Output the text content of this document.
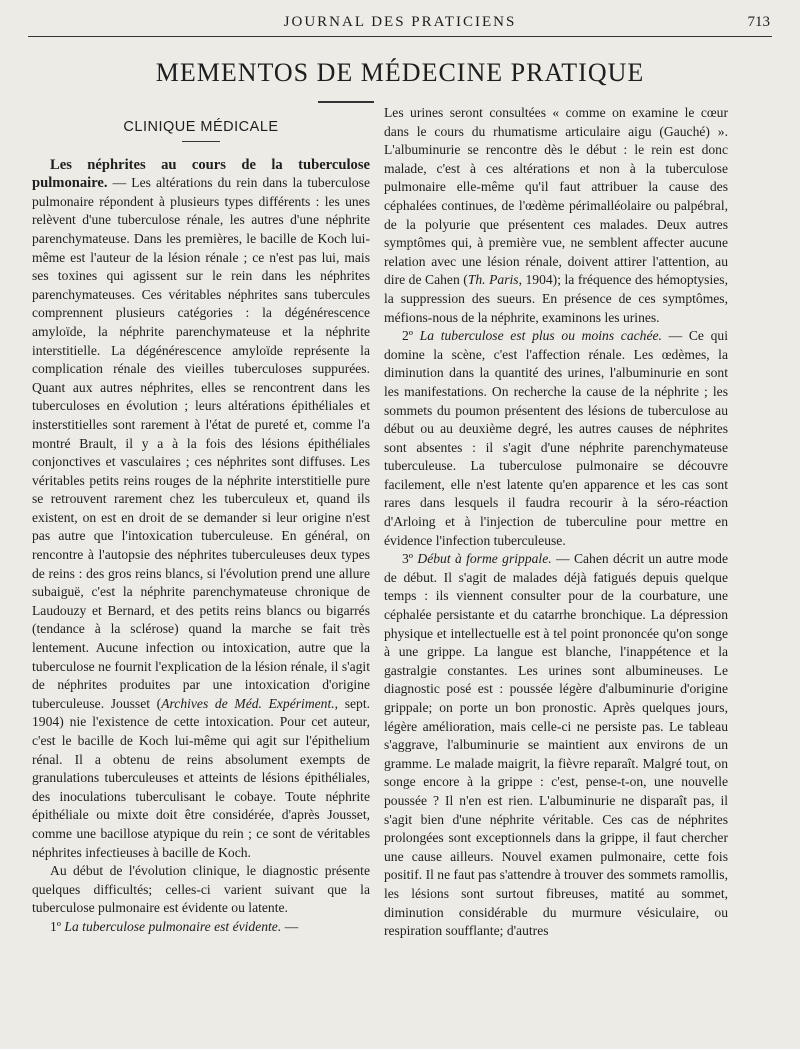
JOURNAL DES PRATICIENS	713
MEMENTOS DE MÉDECINE PRATIQUE
CLINIQUE MÉDICALE

Les néphrites au cours de la tuberculose pulmonaire. — Les altérations du rein dans la tuberculose pulmonaire répondent à plusieurs types différents : les unes relèvent d'une tuberculose rénale, les autres d'une néphrite parenchymateuse. Dans les premières, le bacille de Koch lui-même est l'auteur de la lésion rénale ; ce n'est pas lui, mais ses toxines qui agissent sur le rein dans les néphrites parenchymateuses. Ces véritables néphrites sans tubercules comprennent plusieurs catégories : la dégénérescence amyloïde, la néphrite parenchymateuse et la néphrite interstitielle. La dégénérescence amyloïde représente la complication rénale des vieilles tuberculoses suppurées. Quant aux autres néphrites, elles se rencontrent dans les tuberculoses en évolution ; leurs altérations épithéliales et insterstitielles sont rarement à l'état de pureté et, comme l'a montré Brault, il y a à la fois des lésions épithéliales conjonctives et vasculaires ; ces néphrites sont diffuses. Les véritables petits reins rouges de la néphrite interstitielle pure se retrouvent rarement chez les tuberculeux et, quand ils existent, on est en droit de se demander si leur origine n'est pas autre que l'intoxication tuberculeuse. En général, on rencontre à l'autopsie des néphrites tuberculeuses deux types de reins : des gros reins blancs, si l'évolution prend une allure subaiguë, c'est la néphrite parenchymateuse chronique de Laudouzy et Bernard, et des petits reins blancs ou bigarrés (tendance à la sclérose) quand la marche se fait très lentement. Aucune infection ou intoxication, autre que la tuberculose ne fournit l'explication de la lésion rénale, il s'agit de néphrites produites par une intoxication d'origine tuberculeuse. Jousset (Archives de Méd. Expériment., sept. 1904) nie l'existence de cette intoxication. Pour cet auteur, c'est le bacille de Koch lui-même qui agit sur l'épithelium rénal. Il a obtenu de reins absolument exempts de granulations tuberculeuses et atteints de lésions épithéliales, des inoculations tuberculisant le cobaye. Toute néphrite épithéliale ou mixte doit être considérée, d'après Jousset, comme une bacillose atypique du rein ; ce sont de véritables néphrites infectieuses à bacille de Koch.

Au début de l'évolution clinique, le diagnostic présente quelques difficultés; celles-ci varient suivant que la tuberculose pulmonaire est évidente ou latente.

1º La tuberculose pulmonaire est évidente. —

Les urines seront consultées « comme on examine le cœur dans le cours du rhumatisme articulaire aigu (Gauché) ». L'albuminurie se rencontre dès le début : le rein est donc malade, c'est à ces altérations et non à la tuberculose pulmonaire elle-même qu'il faut attribuer la cause des céphalées continues, de l'œdème périmalléolaire ou palpébral, de la polyurie que présentent ces malades. Deux autres symptômes qui, à première vue, ne semblent affecter aucune relation avec une lésion rénale, doivent attirer l'attention, au dire de Cahen (Th. Paris, 1904); la fréquence des hémoptysies, la suppression des sueurs. En présence de ces symptômes, méfions-nous de la néphrite, examinons les urines.

2º La tuberculose est plus ou moins cachée. — Ce qui domine la scène, c'est l'affection rénale. Les œdèmes, la diminution dans la quantité des urines, l'albuminurie en sont les manifestations. On recherche la cause de la néphrite ; les sommets du poumon présentent des lésions de tuberculose au début ou au deuxième degré, les autres causes de néphrites sont absentes : il s'agit d'une néphrite parenchymateuse tuberculeuse. La tuberculose pulmonaire se découvre facilement, elle n'est latente qu'en apparence et les cas sont rares dans lesquels il faudra recourir à la séro-réaction d'Arloing et à l'injection de tuberculine pour mettre en évidence l'infection tuberculeuse.

3º Début à forme grippale. — Cahen décrit un autre mode de début. Il s'agit de malades déjà fatigués depuis quelque temps : ils viennent consulter pour de la courbature, une céphalée persistante et du catarrhe bronchique. La dépression physique et intellectuelle est à tel point prononcée qu'on songe à une grippe. La langue est blanche, l'inappétence et la gastralgie constantes. Les urines sont albumineuses. Le diagnostic posé est : poussée légère d'albuminurie d'origine grippale; on porte un bon pronostic. Après quelques jours, légère amélioration, mais celle-ci ne persiste pas. Le tableau s'aggrave, l'albuminurie se maintient aux environs de un gramme. Le malade maigrit, la fièvre reparaît. Malgré tout, on songe encore à la grippe : c'est, pense-t-on, une nouvelle poussée ? Il n'en est rien. L'albuminurie ne disparaît pas, il s'agit bien d'une néphrite véritable. Ces cas de néphrites prolongées sont exceptionnels dans la grippe, il faut chercher une cause ailleurs. Nouvel examen pulmonaire, cette fois positif. Il ne faut pas s'attendre à trouver des sommets ramollis, les lésions sont surtout fibreuses, matité au sommet, diminution considérable du murmure vésiculaire, ou respiration soufflante; d'autres
